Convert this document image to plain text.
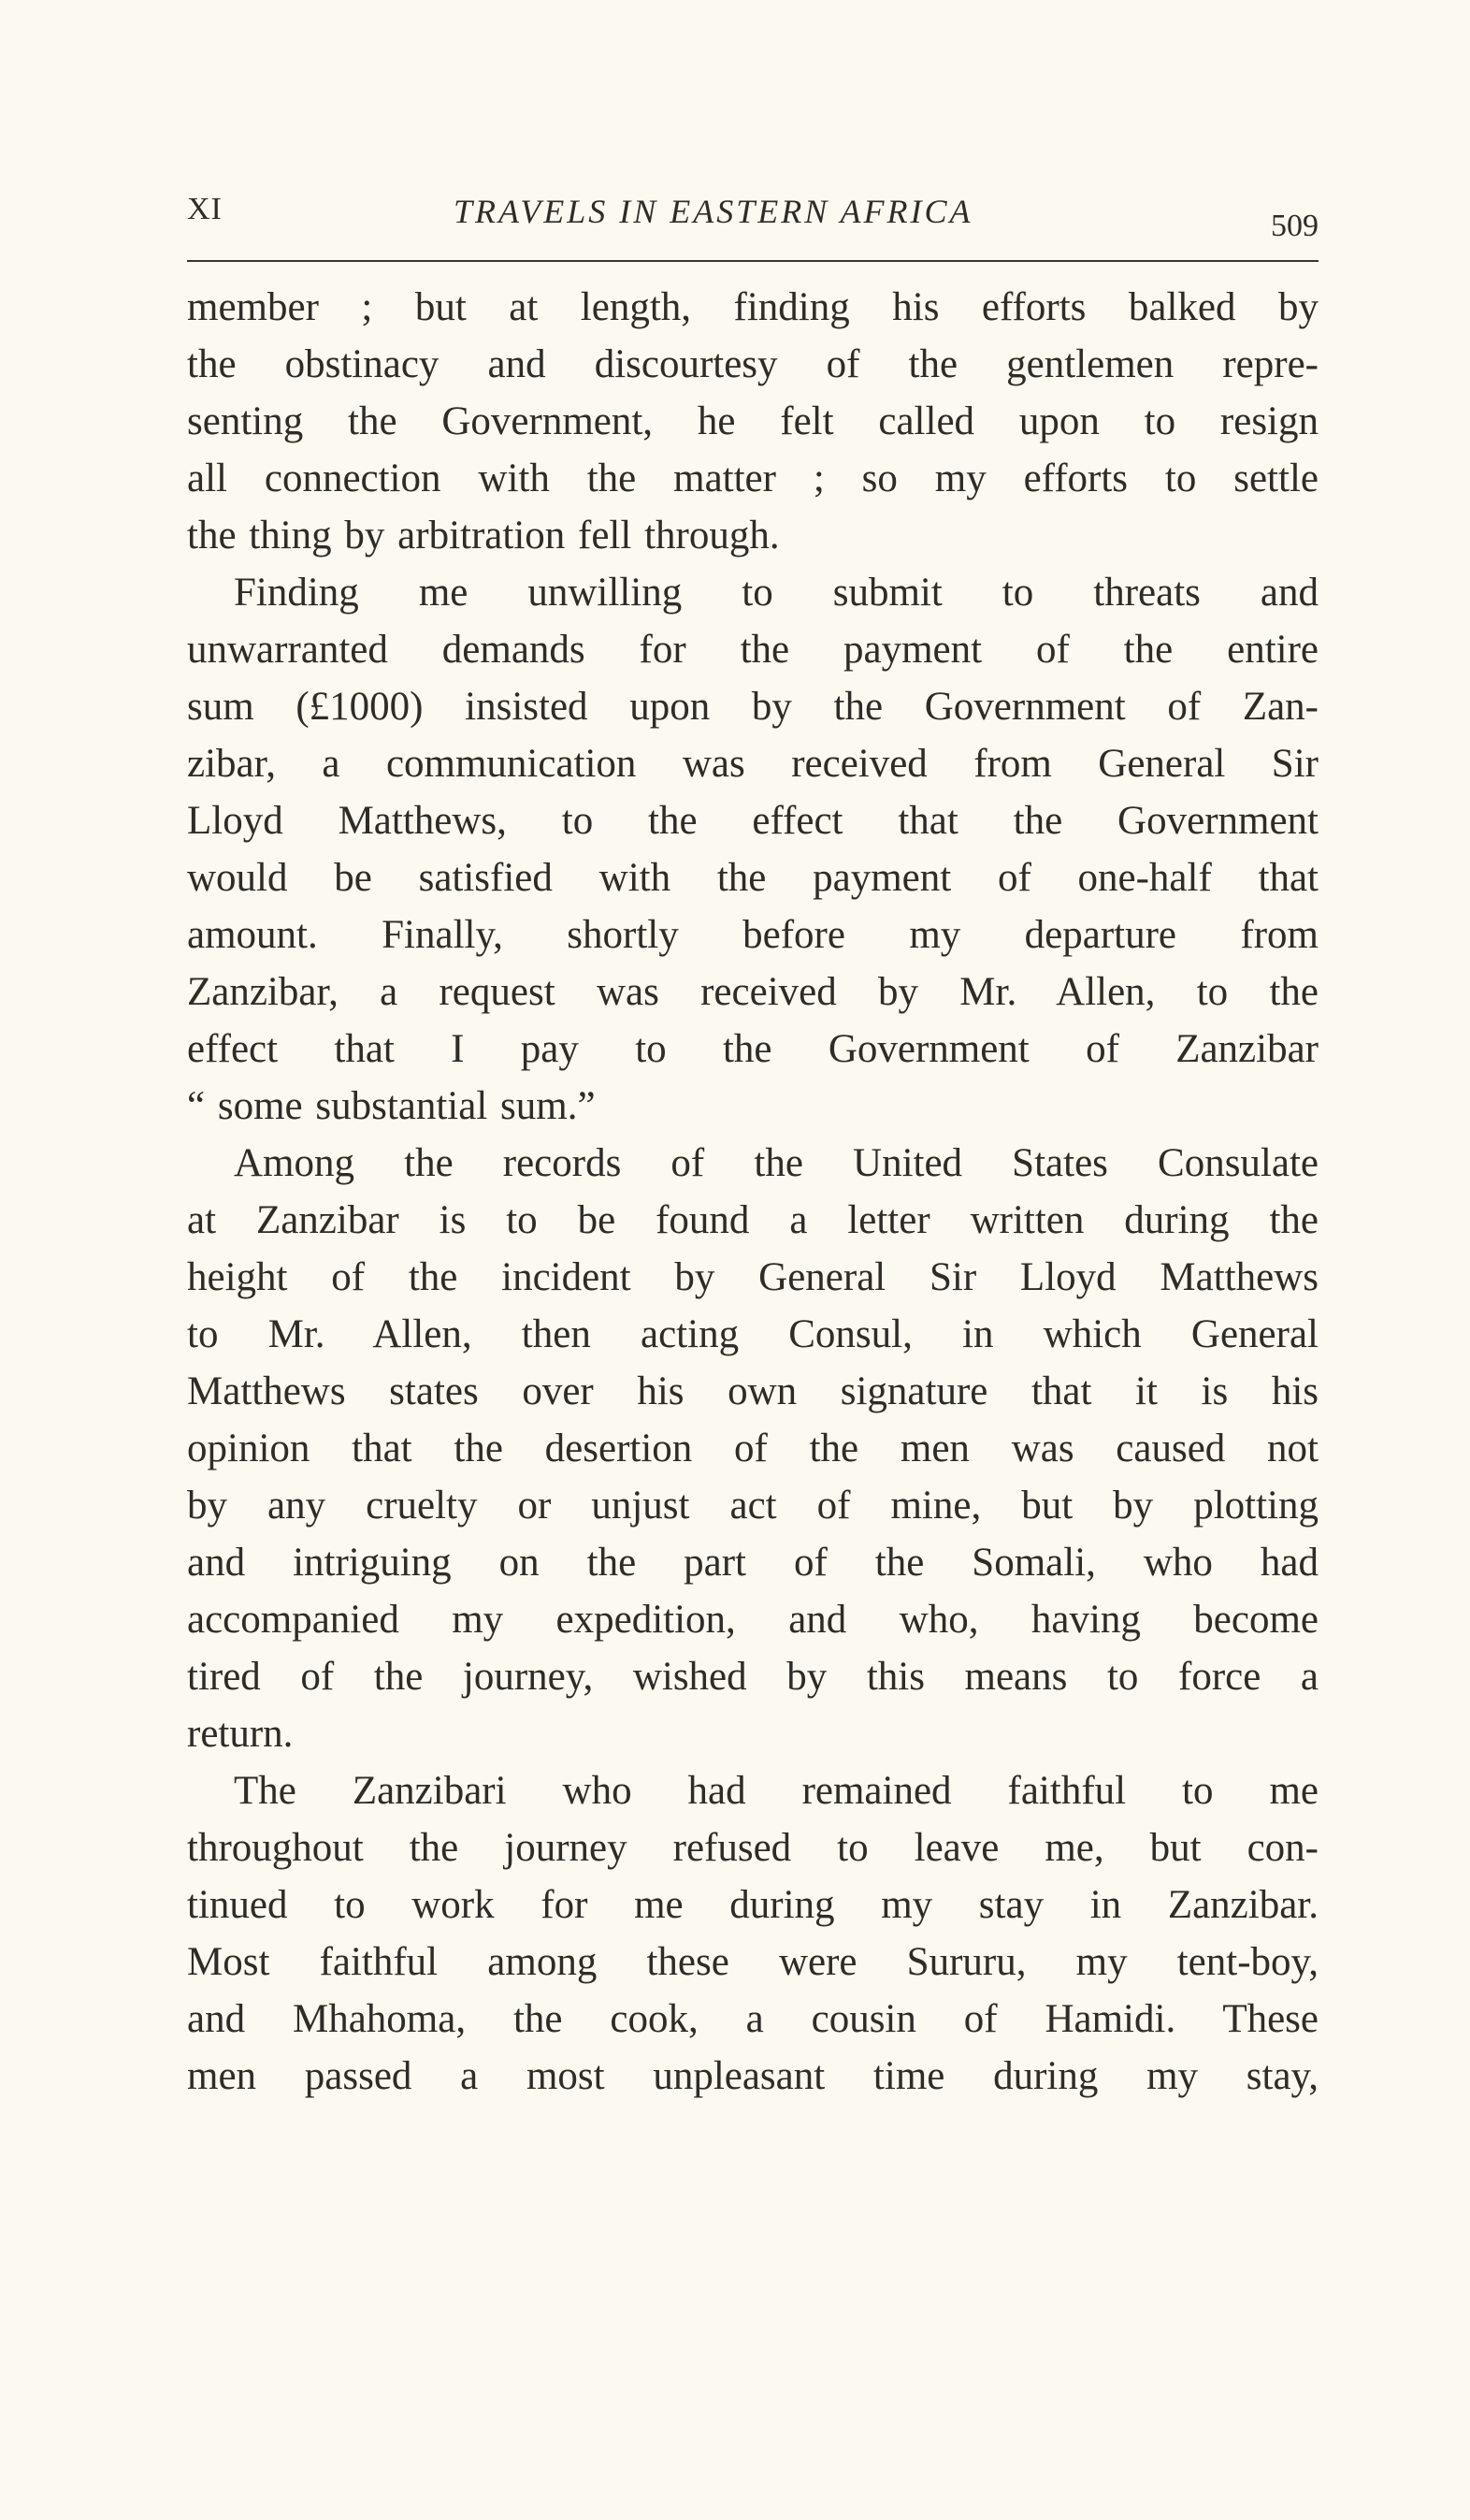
XI	TRAVELS IN EASTERN AFRICA	509

member ; but at length, finding his efforts balked by
the obstinacy and discourtesy of the gentlemen repre-
senting the Government, he felt called upon to resign
all connection with the matter ; so my efforts to settle
the thing by arbitration fell through.

Finding me unwilling to submit to threats and
unwarranted demands for the payment of the entire
sum (£1000) insisted upon by the Government of Zan-
zibar, a communication was received from General Sir
Lloyd Matthews, to the effect that the Government
would be satisfied with the payment of one-half that
amount. Finally, shortly before my departure from
Zanzibar, a request was received by Mr. Allen, to the
effect that I pay to the Government of Zanzibar
“ some substantial sum.”

Among the records of the United States Consulate
at Zanzibar is to be found a letter written during the
height of the incident by General Sir Lloyd Matthews
to Mr. Allen, then acting Consul, in which General
Matthews states over his own signature that it is his
opinion that the desertion of the men was caused not
by any cruelty or unjust act of mine, but by plotting
and intriguing on the part of the Somali, who had
accompanied my expedition, and who, having become
tired of the journey, wished by this means to force a
return.

The Zanzibari who had remained faithful to me
throughout the journey refused to leave me, but con-
tinued to work for me during my stay in Zanzibar.
Most faithful among these were Sururu, my tent-boy,
and Mhahoma, the cook, a cousin of Hamidi. These
men passed a most unpleasant time during my stay,
